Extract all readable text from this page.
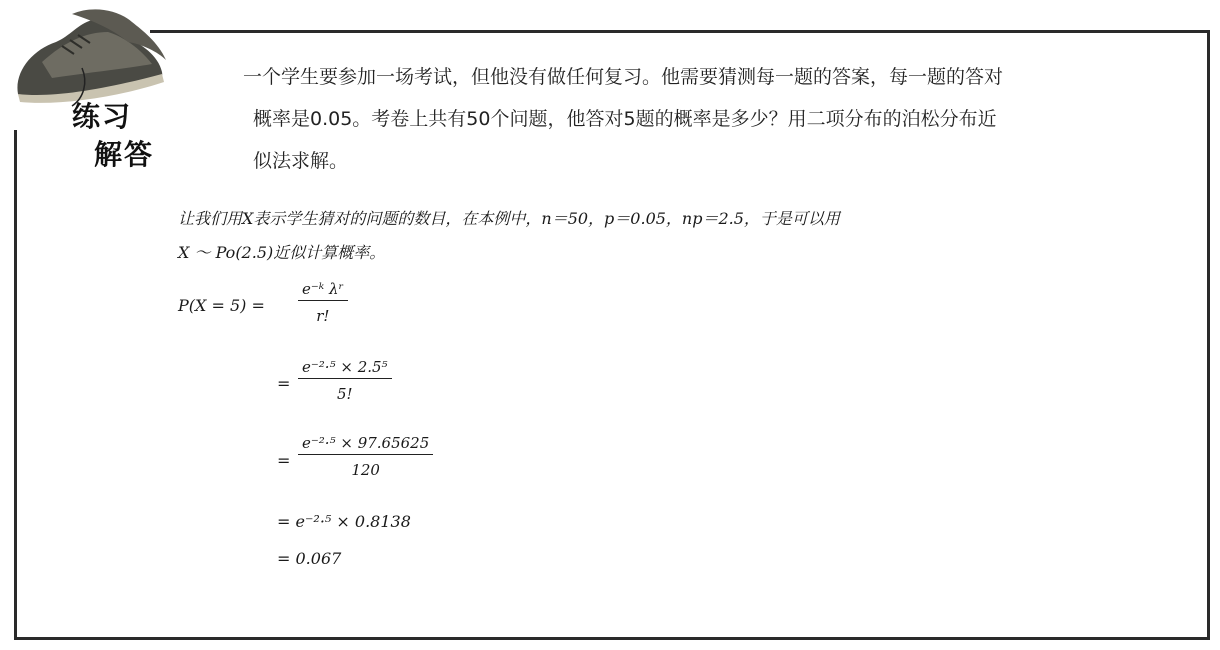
练习
解答
一个学生要参加一场考试，但他没有做任何复习。他需要猜测每一题的答案，每一题的答对
概率是0.05。考卷上共有50个问题，他答对5题的概率是多少？用二项分布的泊松分布近
似法求解。
让我们用X表示学生猜对的问题的数目，在本例中，n＝50，p＝0.05，np＝2.5，于是可以用
X ～ Po(2.5)近似计算概率。
$P(X = 5) = \frac{\text{e⁻ᵏ λʳ}}{r!}$
= $\frac{\text{e⁻²·⁵ × 2.5⁵}}{5!}$
= $\frac{\text{e⁻²·⁵ × 97.65625}}{120}$
= e⁻²·⁵ × 0.8138
= 0.067
